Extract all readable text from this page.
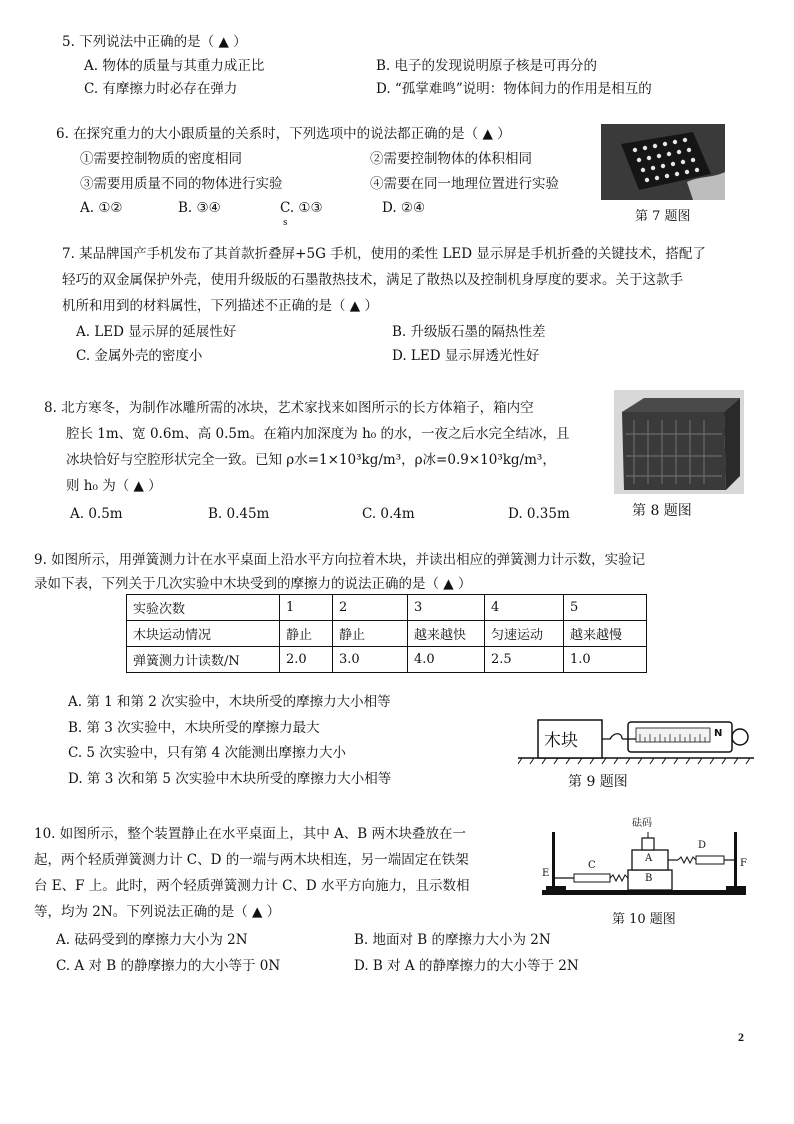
5. 下列说法中正确的是（ ▲ ）
A. 物体的质量与其重力成正比	B. 电子的发现说明原子核是可再分的
C. 有摩擦力时必存在弹力	D. “孤掌难鸣”说明：物体间力的作用是相互的
6. 在探究重力的大小跟质量的关系时，下列选项中的说法都正确的是（ ▲ ）
①需要控制物质的密度相同	②需要控制物体的体积相同
③需要用质量不同的物体进行实验	④需要在同一地理位置进行实验
A. ①②	B. ③④	C. ①③	D. ②④
s	第 7 题图
7. 某品牌国产手机发布了其首款折叠屏+5G 手机，使用的柔性 LED 显示屏是手机折叠的关键技术，搭配了
轻巧的双金属保护外壳，使用升级版的石墨散热技术，满足了散热以及控制机身厚度的要求。关于这款手
机所和用到的材料属性，下列描述不正确的是（ ▲ ）
A. LED 显示屏的延展性好	B. 升级版石墨的隔热性差
C. 金属外壳的密度小	D. LED 显示屏透光性好
8. 北方寒冬，为制作冰雕所需的冰块，艺术家找来如图所示的长方体箱子，箱内空
腔长 1m、宽 0.6m、高 0.5m。在箱内加深度为 h₀ 的水，一夜之后水完全结冰，且
冰块恰好与空腔形状完全一致。已知 ρ水=1×10³kg/m³，ρ冰=0.9×10³kg/m³，
则 h₀ 为（ ▲ ）
A. 0.5m	B. 0.45m	C. 0.4m	D. 0.35m	第 8 题图
9. 如图所示，用弹簧测力计在水平桌面上沿水平方向拉着木块，并读出相应的弹簧测力计示数，实验记
录如下表，下列关于几次实验中木块受到的摩擦力的说法正确的是（ ▲ ）
实验次数	1	2	3	4	5
木块运动情况	静止	静止	越来越快	匀速运动	越来越慢
弹簧测力计读数/N	2.0	3.0	4.0	2.5	1.0
A. 第 1 和第 2 次实验中，木块所受的摩擦力大小相等
B. 第 3 次实验中，木块所受的摩擦力最大
C. 5 次实验中，只有第 4 次能测出摩擦力大小
D. 第 3 次和第 5 次实验中木块所受的摩擦力大小相等
木块	N
第 9 题图
10. 如图所示，整个装置静止在水平桌面上，其中 A、B 两木块叠放在一
起，两个轻质弹簧测力计 C、D 的一端与两木块相连，另一端固定在铁架
台 E、F 上。此时，两个轻质弹簧测力计 C、D 水平方向施力，且示数相
等，均为 2N。下列说法正确的是（ ▲ ）
A. 砝码受到的摩擦力大小为 2N	B. 地面对 B 的摩擦力大小为 2N
C. A 对 B 的静摩擦力的大小等于 0N	D. B 对 A 的静摩擦力的大小等于 2N
砝码
A
B
C
D
E
F
第 10 题图
2
